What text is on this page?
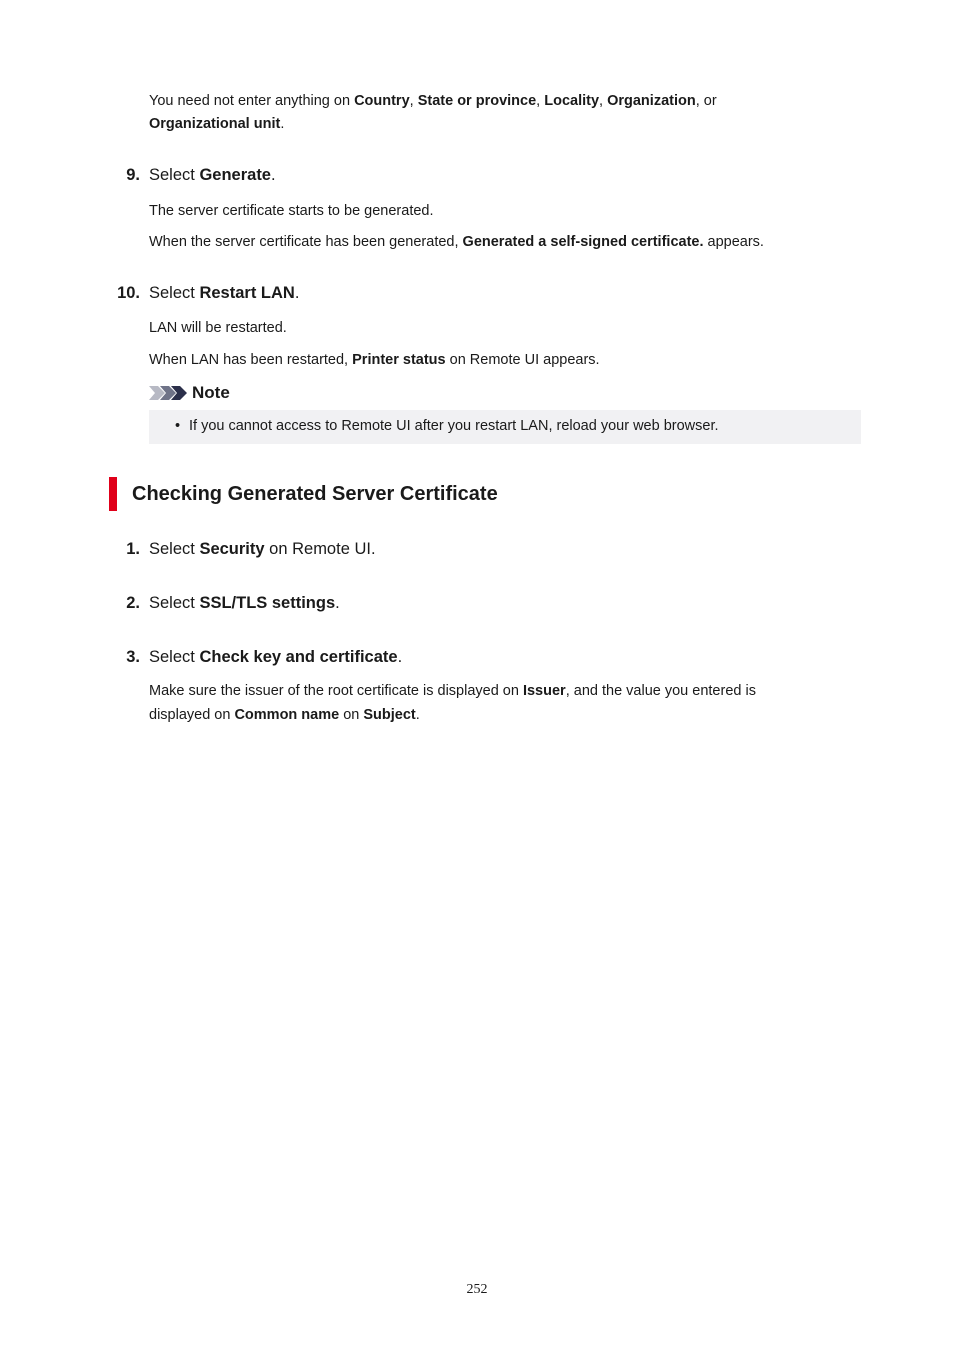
You need not enter anything on Country, State or province, Locality, Organization, or
Organizational unit.
9. Select Generate.
The server certificate starts to be generated.
When the server certificate has been generated, Generated a self-signed certificate. appears.
10. Select Restart LAN.
LAN will be restarted.
When LAN has been restarted, Printer status on Remote UI appears.
Note
• If you cannot access to Remote UI after you restart LAN, reload your web browser.
Checking Generated Server Certificate
1. Select Security on Remote UI.
2. Select SSL/TLS settings.
3. Select Check key and certificate.
Make sure the issuer of the root certificate is displayed on Issuer, and the value you entered is
displayed on Common name on Subject.
252
